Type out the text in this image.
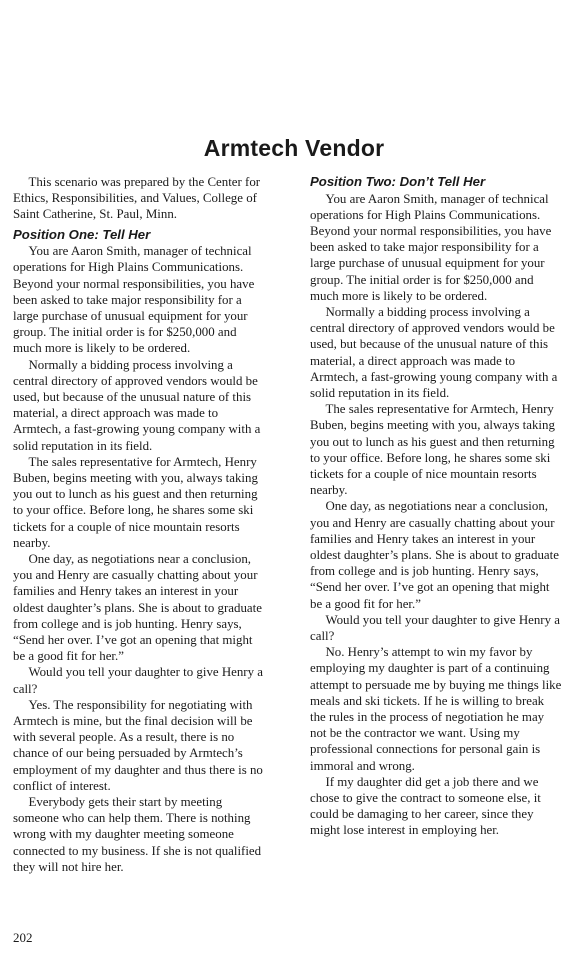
Armtech Vendor

This scenario was prepared by the Center for Ethics, Responsibilities, and Values, College of Saint Catherine, St. Paul, Minn.

Position One: Tell Her

You are Aaron Smith, manager of technical operations for High Plains Communications. Beyond your normal responsibilities, you have been asked to take major responsibility for a large purchase of unusual equipment for your group. The initial order is for $250,000 and much more is likely to be ordered.

Normally a bidding process involving a central directory of approved vendors would be used, but because of the unusual nature of this material, a direct approach was made to Armtech, a fast-growing young company with a solid reputation in its field.

The sales representative for Armtech, Henry Buben, begins meeting with you, always taking you out to lunch as his guest and then returning to your office. Before long, he shares some ski tickets for a couple of nice mountain resorts nearby.

One day, as negotiations near a conclusion, you and Henry are casually chatting about your families and Henry takes an interest in your oldest daughter’s plans. She is about to graduate from college and is job hunting. Henry says, “Send her over. I’ve got an opening that might be a good fit for her.”

Would you tell your daughter to give Henry a call?

Yes. The responsibility for negotiating with Armtech is mine, but the final decision will be with several people. As a result, there is no chance of our being persuaded by Armtech’s employment of my daughter and thus there is no conflict of interest.

Everybody gets their start by meeting someone who can help them. There is nothing wrong with my daughter meeting someone connected to my business. If she is not qualified they will not hire her.

Position Two: Don’t Tell Her

You are Aaron Smith, manager of technical operations for High Plains Communications. Beyond your normal responsibilities, you have been asked to take major responsibility for a large purchase of unusual equipment for your group. The initial order is for $250,000 and much more is likely to be ordered.

Normally a bidding process involving a central directory of approved vendors would be used, but because of the unusual nature of this material, a direct approach was made to Armtech, a fast-growing young company with a solid reputation in its field.

The sales representative for Armtech, Henry Buben, begins meeting with you, always taking you out to lunch as his guest and then returning to your office. Before long, he shares some ski tickets for a couple of nice mountain resorts nearby.

One day, as negotiations near a conclusion, you and Henry are casually chatting about your families and Henry takes an interest in your oldest daughter’s plans. She is about to graduate from college and is job hunting. Henry says, “Send her over. I’ve got an opening that might be a good fit for her.”

Would you tell your daughter to give Henry a call?

No. Henry’s attempt to win my favor by employing my daughter is part of a continuing attempt to persuade me by buying me things like meals and ski tickets. If he is willing to break the rules in the process of negotiation he may not be the contractor we want. Using my professional connections for personal gain is immoral and wrong.

If my daughter did get a job there and we chose to give the contract to someone else, it could be damaging to her career, since they might lose interest in employing her.

202
